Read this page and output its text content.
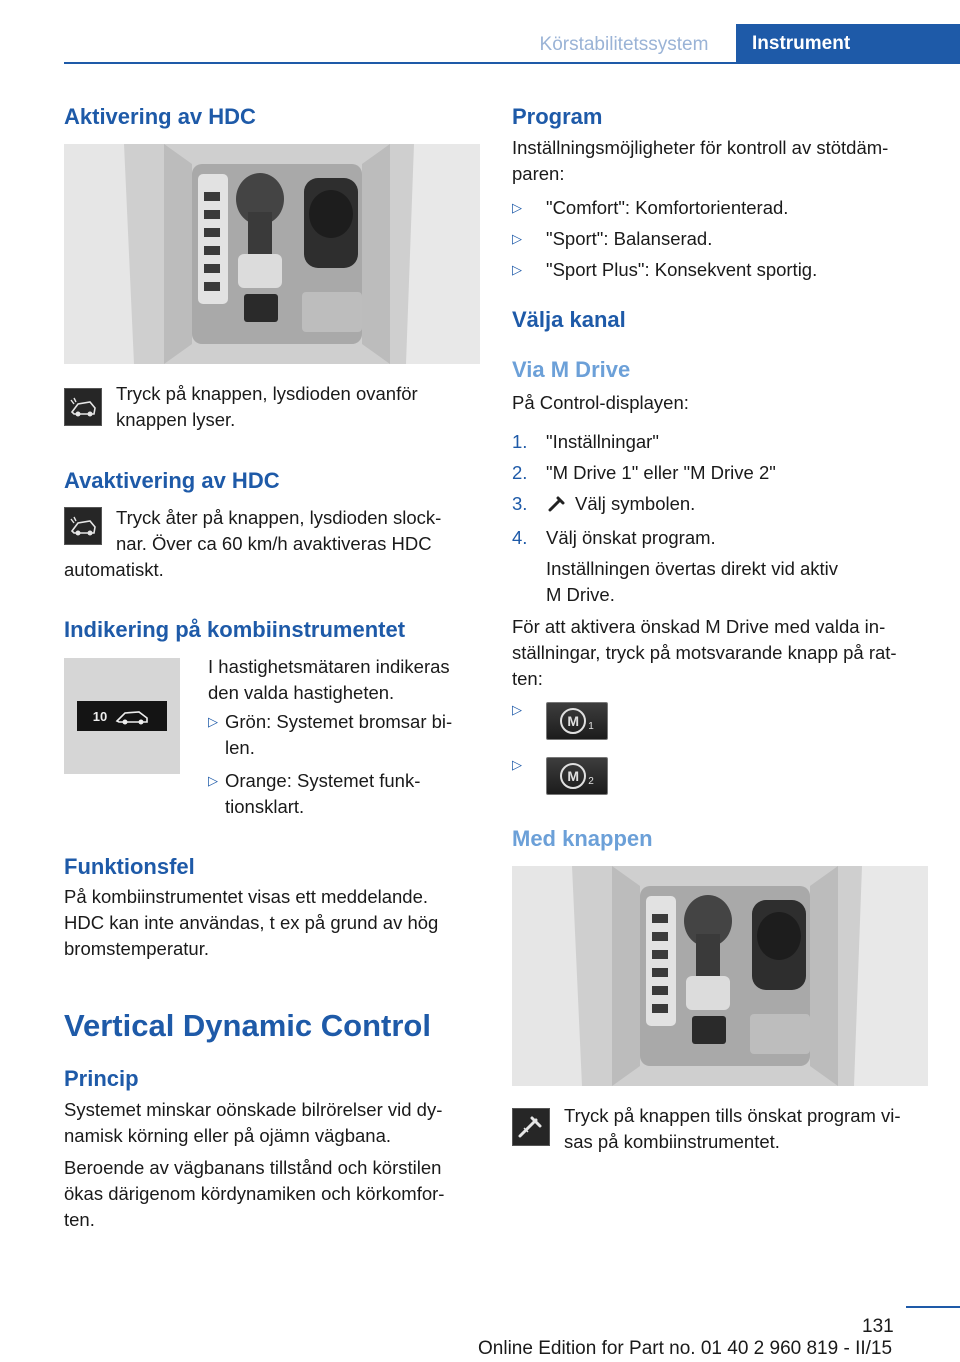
Körstabilitetssystem	Instrument
Aktivering av HDC
Tryck på knappen, lysdioden ovanför
knappen lyser.
Avaktivering av HDC
Tryck åter på knappen, lysdioden slock-
nar. Över ca 60 km/h avaktiveras HDC
automatiskt.
Indikering på kombiinstrumentet
10
I hastighetsmätaren indikeras
den valda hastigheten.
▷ Grön: Systemet bromsar bi-
len.
▷ Orange: Systemet funk-
tionsklart.
Funktionsfel
På kombiinstrumentet visas ett meddelande.
HDC kan inte användas, t ex på grund av hög
bromstemperatur.
Vertical Dynamic Control
Princip
Systemet minskar oönskade bilrörelser vid dy-
namisk körning eller på ojämn vägbana.
Beroende av vägbanans tillstånd och körstilen
ökas därigenom kördynamiken och körkomfor-
ten.
Program
Inställningsmöjligheter för kontroll av stötdäm-
paren:
▷ "Comfort": Komfortorienterad.
▷ "Sport": Balanserad.
▷ "Sport Plus": Konsekvent sportig.
Välja kanal
Via M Drive
På Control-displayen:
1. "Inställningar"
2. "M Drive 1" eller "M Drive 2"
3.	Välj symbolen.
4. Välj önskat program.
Inställningen övertas direkt vid aktiv
M Drive.
För att aktivera önskad M Drive med valda in-
ställningar, tryck på motsvarande knapp på rat-
ten:
▷
M 1
▷
M 2
Med knappen
Tryck på knappen tills önskat program vi-
sas på kombiinstrumentet.
131
Online Edition for Part no. 01 40 2 960 819 - II/15
